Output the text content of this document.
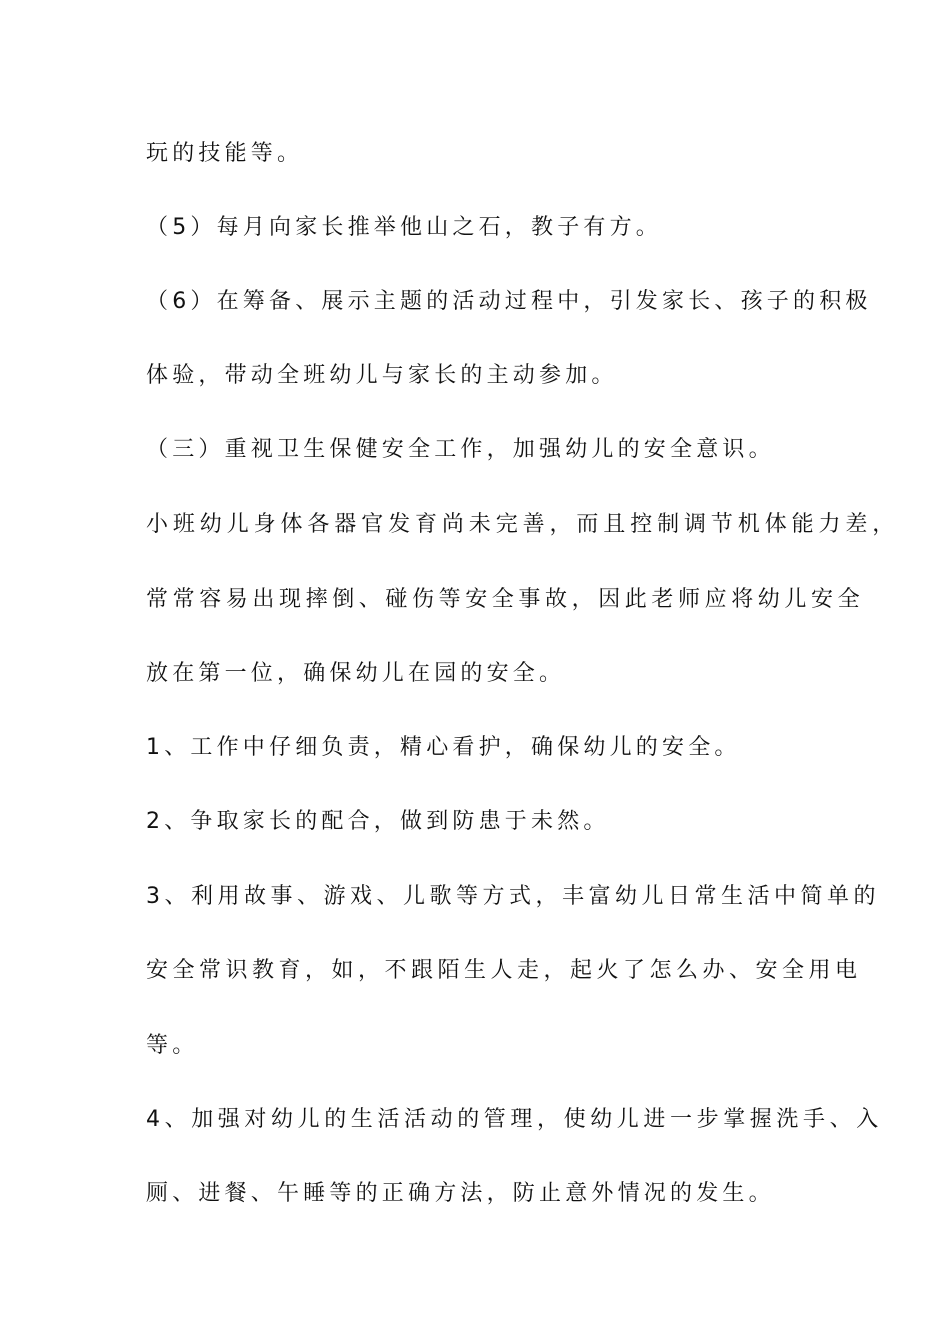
玩的技能等。
（5）每月向家长推举他山之石，教子有方。
（6）在筹备、展示主题的活动过程中，引发家长、孩子的积极
体验，带动全班幼儿与家长的主动参加。
（三）重视卫生保健安全工作，加强幼儿的安全意识。
小班幼儿身体各器官发育尚未完善，而且控制调节机体能力差，
常常容易出现摔倒、碰伤等安全事故，因此老师应将幼儿安全
放在第一位，确保幼儿在园的安全。
1、工作中仔细负责，精心看护，确保幼儿的安全。
2、争取家长的配合，做到防患于未然。
3、利用故事、游戏、儿歌等方式，丰富幼儿日常生活中简单的
安全常识教育，如，不跟陌生人走，起火了怎么办、安全用电
等。
4、加强对幼儿的生活活动的管理，使幼儿进一步掌握洗手、入
厕、进餐、午睡等的正确方法，防止意外情况的发生。
